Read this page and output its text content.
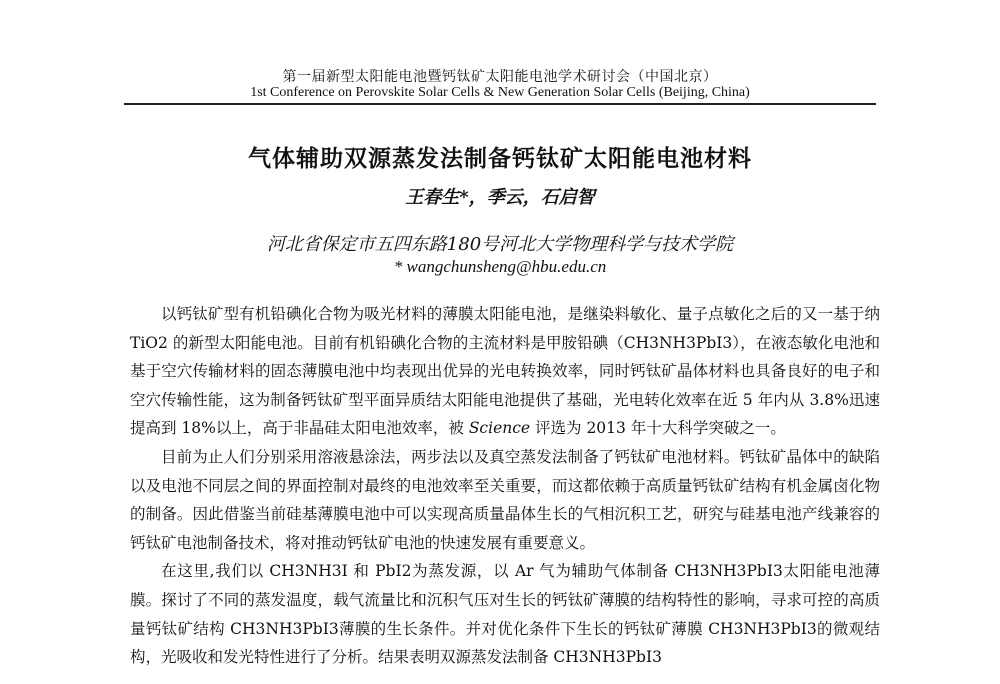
第一届新型太阳能电池暨钙钛矿太阳能电池学术研讨会（中国北京）
1st Conference on Perovskite Solar Cells & New Generation Solar Cells (Beijing, China)
气体辅助双源蒸发法制备钙钛矿太阳能电池材料
王春生*，季云，石启智
河北省保定市五四东路180号河北大学物理科学与技术学院
* wangchunsheng@hbu.edu.cn

以钙钛矿型有机铅碘化合物为吸光材料的薄膜太阳能电池，是继染料敏化、量子点敏化之后的又一基于纳 TiO2 的新型太阳能电池。目前有机铅碘化合物的主流材料是甲胺铅碘（CH3NH3PbI3），在液态敏化电池和基于空穴传输材料的固态薄膜电池中均表现出优异的光电转换效率，同时钙钛矿晶体材料也具备良好的电子和空穴传输性能，这为制备钙钛矿型平面异质结太阳能电池提供了基础，光电转化效率在近 5 年内从 3.8%迅速提高到 18%以上，高于非晶硅太阳电池效率，被 Science 评选为 2013 年十大科学突破之一。

目前为止人们分别采用溶液悬涂法，两步法以及真空蒸发法制备了钙钛矿电池材料。钙钛矿晶体中的缺陷以及电池不同层之间的界面控制对最终的电池效率至关重要，而这都依赖于高质量钙钛矿结构有机金属卤化物的制备。因此借鉴当前硅基薄膜电池中可以实现高质量晶体生长的气相沉积工艺，研究与硅基电池产线兼容的钙钛矿电池制备技术，将对推动钙钛矿电池的快速发展有重要意义。

在这里,我们以 CH3NH3I 和 PbI2为蒸发源，以 Ar 气为辅助气体制备 CH3NH3PbI3太阳能电池薄膜。探讨了不同的蒸发温度，载气流量比和沉积气压对生长的钙钛矿薄膜的结构特性的影响，寻求可控的高质量钙钛矿结构 CH3NH3PbI3薄膜的生长条件。并对优化条件下生长的钙钛矿薄膜 CH3NH3PbI3的微观结构，光吸收和发光特性进行了分析。结果表明双源蒸发法制备 CH3NH3PbI3
